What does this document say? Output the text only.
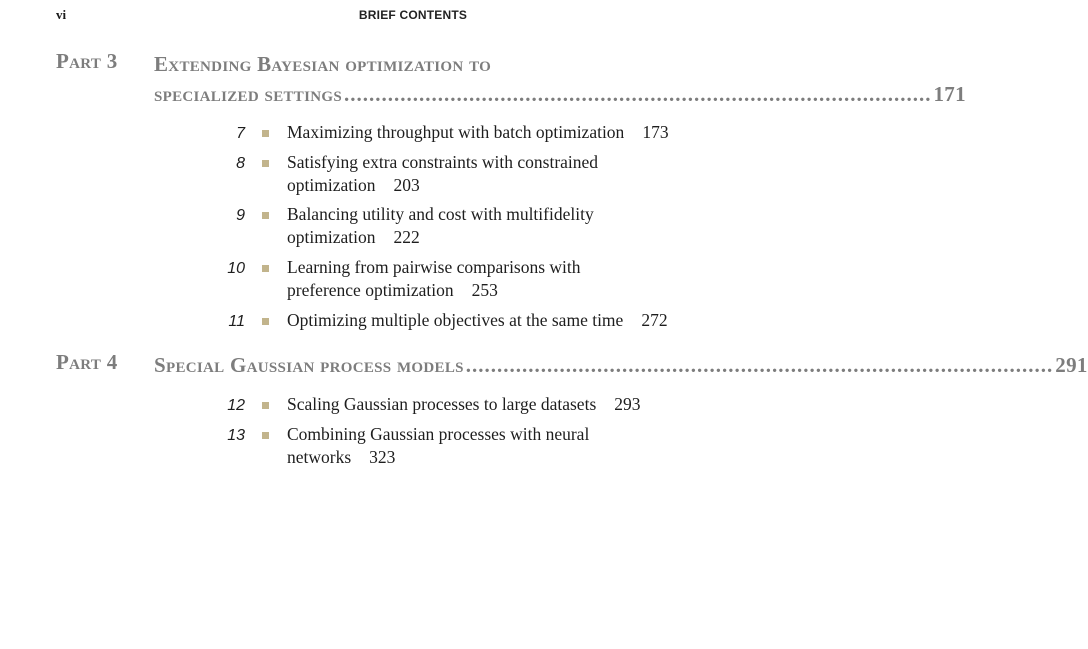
vi	BRIEF CONTENTS
Part 3 Extending Bayesian optimization to
specialized settings .............................................................................................. 171
7 Maximizing throughput with batch optimization 173
8 Satisfying extra constraints with constrained optimization 203
9 Balancing utility and cost with multifidelity optimization 222
10 Learning from pairwise comparisons with preference optimization 253
11 Optimizing multiple objectives at the same time 272
Part 4 Special Gaussian process models .............................................................................................. 291
12 Scaling Gaussian processes to large datasets 293
13 Combining Gaussian processes with neural networks 323
